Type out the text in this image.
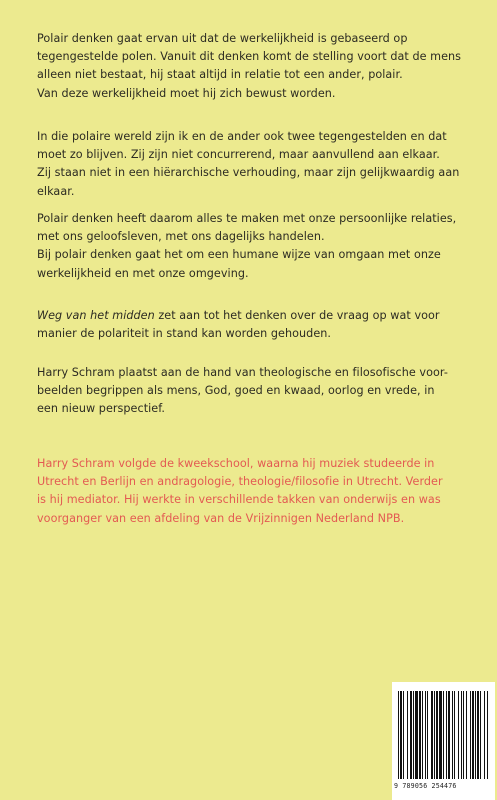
Polair denken gaat ervan uit dat de werkelijkheid is gebaseerd op

tegengestelde polen. Vanuit dit denken komt de stelling voort dat de mens

alleen niet bestaat, hij staat altijd in relatie tot een ander, polair.

Van deze werkelijkheid moet hij zich bewust worden.

In die polaire wereld zijn ik en de ander ook twee tegengestelden en dat

moet zo blijven. Zij zijn niet concurrerend, maar aanvullend aan elkaar.

Zij staan niet in een hiërarchische verhouding, maar zijn gelijkwaardig aan

elkaar.

Polair denken heeft daarom alles te maken met onze persoonlijke relaties,

met ons geloofsleven, met ons dagelijks handelen.

Bij polair denken gaat het om een humane wijze van omgaan met onze

werkelijkheid en met onze omgeving.

Weg van het midden zet aan tot het denken over de vraag op wat voor

manier de polariteit in stand kan worden gehouden.

Harry Schram plaatst aan de hand van theologische en filosofische voor-

beelden begrippen als mens, God, goed en kwaad, oorlog en vrede, in

een nieuw perspectief.

Harry Schram volgde de kweekschool, waarna hij muziek studeerde in

Utrecht en Berlijn en andragologie, theologie/filosofie in Utrecht. Verder

is hij mediator. Hij werkte in verschillende takken van onderwijs en was

voorganger van een afdeling van de Vrijzinnigen Nederland NPB.

9 789056 254476
